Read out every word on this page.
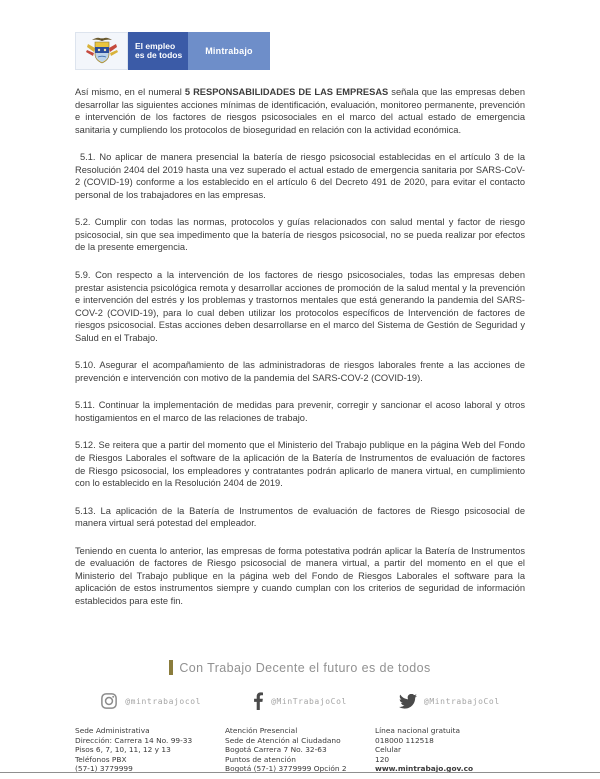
El empleo
es de todos	Mintrabajo

Así mismo, en el numeral 5 RESPONSABILIDADES DE LAS EMPRESAS señala que las empresas deben desarrollar las siguientes acciones mínimas de identificación, evaluación, monitoreo permanente, prevención e intervención de los factores de riesgos psicosociales en el marco del actual estado de emergencia sanitaria y cumpliendo los protocolos de bioseguridad en relación con la actividad económica.

5.1. No aplicar de manera presencial la batería de riesgo psicosocial establecidas en el artículo 3 de la Resolución 2404 del 2019 hasta una vez superado el actual estado de emergencia sanitaria por SARS-CoV-2 (COVID-19) conforme a los establecido en el artículo 6 del Decreto 491 de 2020, para evitar el contacto personal de los trabajadores en las empresas.

5.2. Cumplir con todas las normas, protocolos y guías relacionados con salud mental y factor de riesgo psicosocial, sin que sea impedimento que la batería de riesgos psicosocial, no se pueda realizar por efectos de la presente emergencia.

5.9. Con respecto a la intervención de los factores de riesgo psicosociales, todas las empresas deben prestar asistencia psicológica remota y desarrollar acciones de promoción de la salud mental y la prevención e intervención del estrés y los problemas y trastornos mentales que está generando la pandemia del SARS-COV-2 (COVID-19), para lo cual deben utilizar los protocolos específicos de Intervención de factores de riesgos psicosocial. Estas acciones deben desarrollarse en el marco del Sistema de Gestión de Seguridad y Salud en el Trabajo.

5.10. Asegurar el acompañamiento de las administradoras de riesgos laborales frente a las acciones de prevención e intervención con motivo de la pandemia del SARS-COV-2 (COVID-19).

5.11. Continuar la implementación de medidas para prevenir, corregir y sancionar el acoso laboral y otros hostigamientos en el marco de las relaciones de trabajo.

5.12. Se reitera que a partir del momento que el Ministerio del Trabajo publique en la página Web del Fondo de Riesgos Laborales el software de la aplicación de la Batería de Instrumentos de evaluación de factores de Riesgo psicosocial, los empleadores y contratantes podrán aplicarlo de manera virtual, en cumplimiento con lo establecido en la Resolución 2404 de 2019.

5.13. La aplicación de la Batería de Instrumentos de evaluación de factores de Riesgo psicosocial de manera virtual será potestad del empleador.

Teniendo en cuenta lo anterior, las empresas de forma potestativa podrán aplicar la Batería de Instrumentos de evaluación de factores de Riesgo psicosocial de manera virtual, a partir del momento en el que el Ministerio del Trabajo publique en la página web del Fondo de Riesgos Laborales el software para la aplicación de estos instrumentos siempre y cuando cumplan con los criterios de seguridad de información establecidos para este fin.

Con Trabajo Decente el futuro es de todos
@mintrabajocol	@MinTrabajoCol	@MintrabajoCol
Sede Administrativa
Dirección: Carrera 14 No. 99-33
Pisos 6, 7, 10, 11, 12 y 13
Teléfonos PBX
(57-1) 3779999
Atención Presencial
Sede de Atención al Ciudadano
Bogotá Carrera 7 No. 32-63
Puntos de atención
Bogotá (57-1) 3779999 Opción 2
Línea nacional gratuita
018000 112518
Celular
120
www.mintrabajo.gov.co
